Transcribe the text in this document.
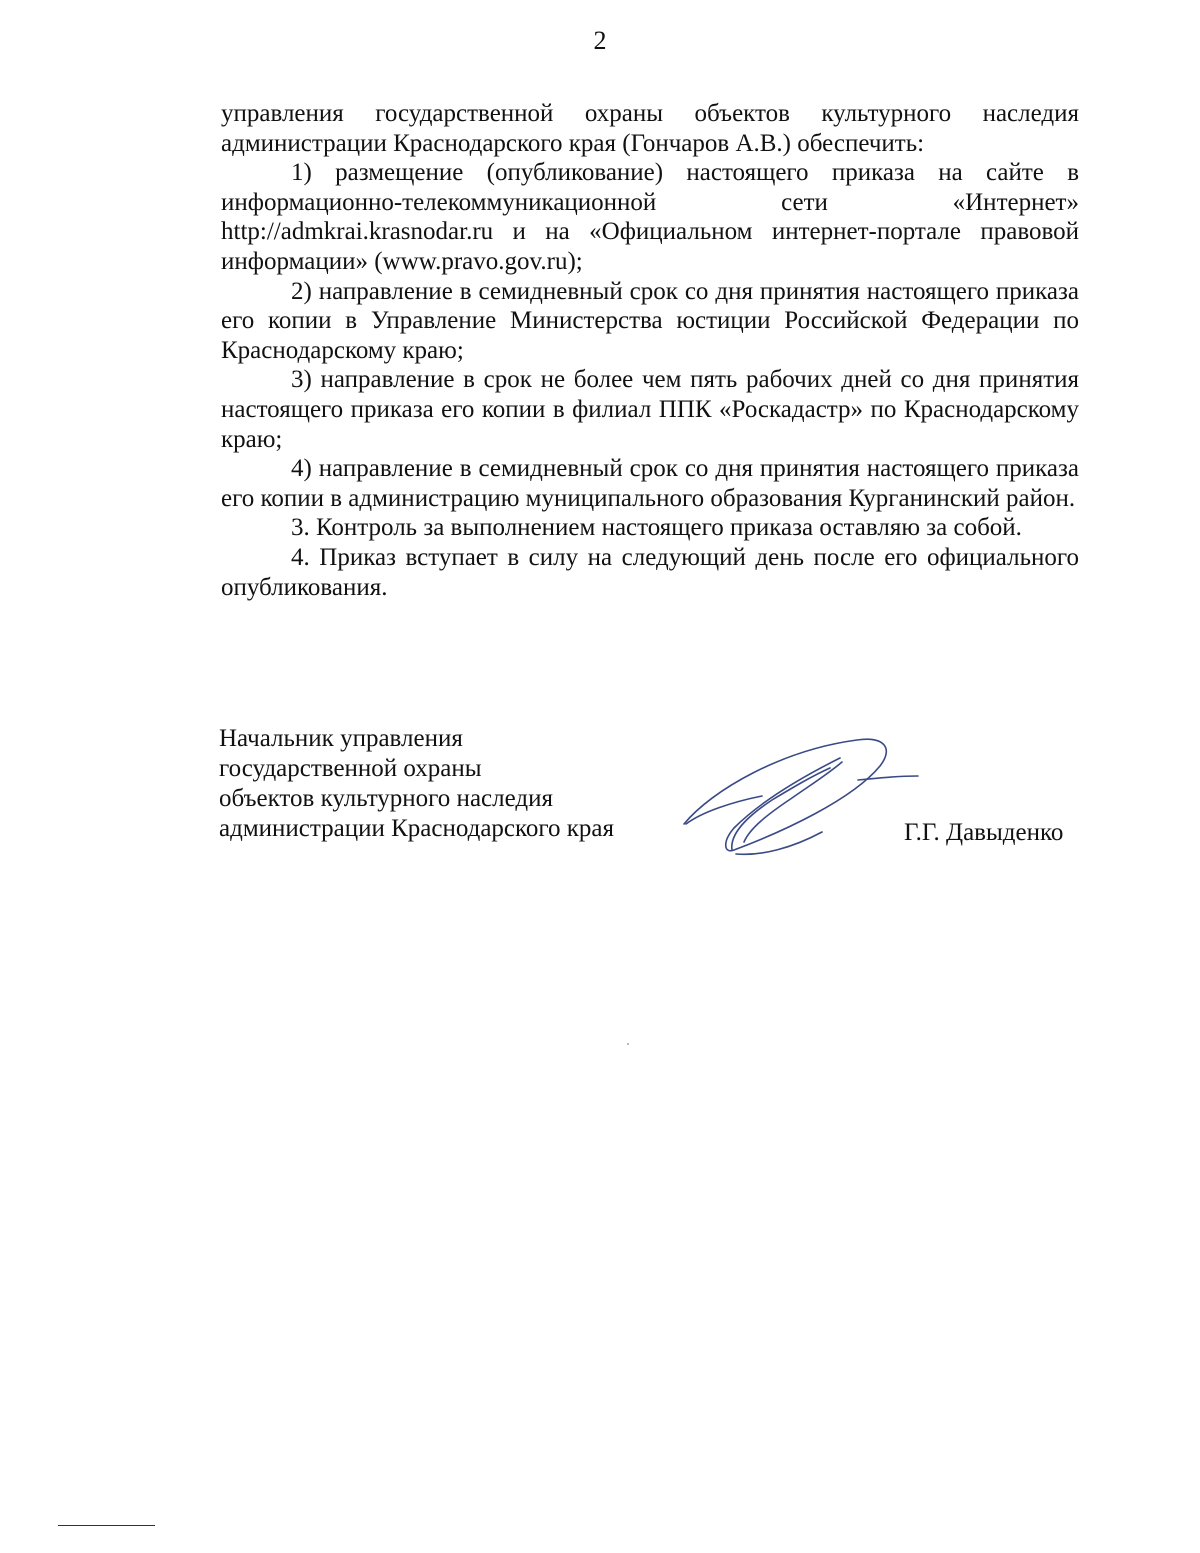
2

управления государственной охраны объектов культурного наследия администрации Краснодарского края (Гончаров А.В.) обеспечить:

1) размещение (опубликование) настоящего приказа на сайте в информационно-телекоммуникационной сети «Интернет» http://admkrai.krasnodar.ru и на «Официальном интернет-портале правовой информации» (www.pravo.gov.ru);

2) направление в семидневный срок со дня принятия настоящего приказа его копии в Управление Министерства юстиции Российской Федерации по Краснодарскому краю;

3) направление в срок не более чем пять рабочих дней со дня принятия настоящего приказа его копии в филиал ППК «Роскадастр» по Краснодарскому краю;

4) направление в семидневный срок со дня принятия настоящего приказа его копии в администрацию муниципального образования Курганинский район.

3. Контроль за выполнением настоящего приказа оставляю за собой.

4. Приказ вступает в силу на следующий день после его официального опубликования.

Начальник управления
государственной охраны
объектов культурного наследия
администрации Краснодарского края	Г.Г. Давыденко
